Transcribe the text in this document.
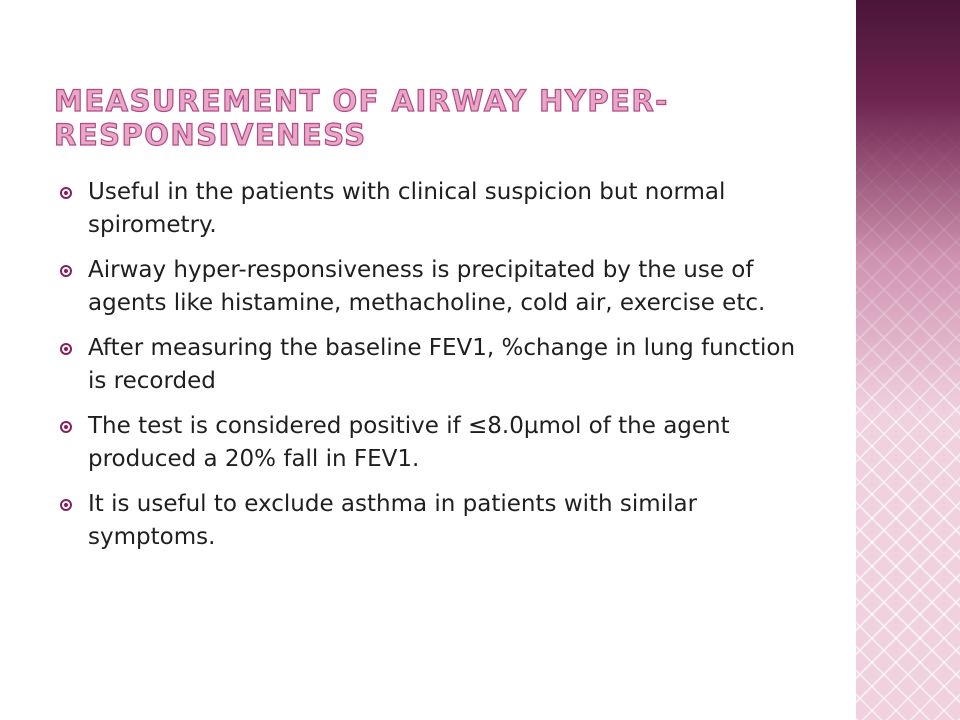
MEASUREMENT OF AIRWAY HYPER-RESPONSIVENESS
Useful in the patients with clinical suspicion but normal spirometry.
Airway hyper-responsiveness is precipitated by the use of agents like histamine, methacholine, cold air, exercise etc.
After measuring the baseline FEV1, %change in lung function is recorded
The test is considered positive if ≤8.0µmol of the agent produced a 20% fall in FEV1.
It is useful to exclude asthma in patients with similar symptoms.
